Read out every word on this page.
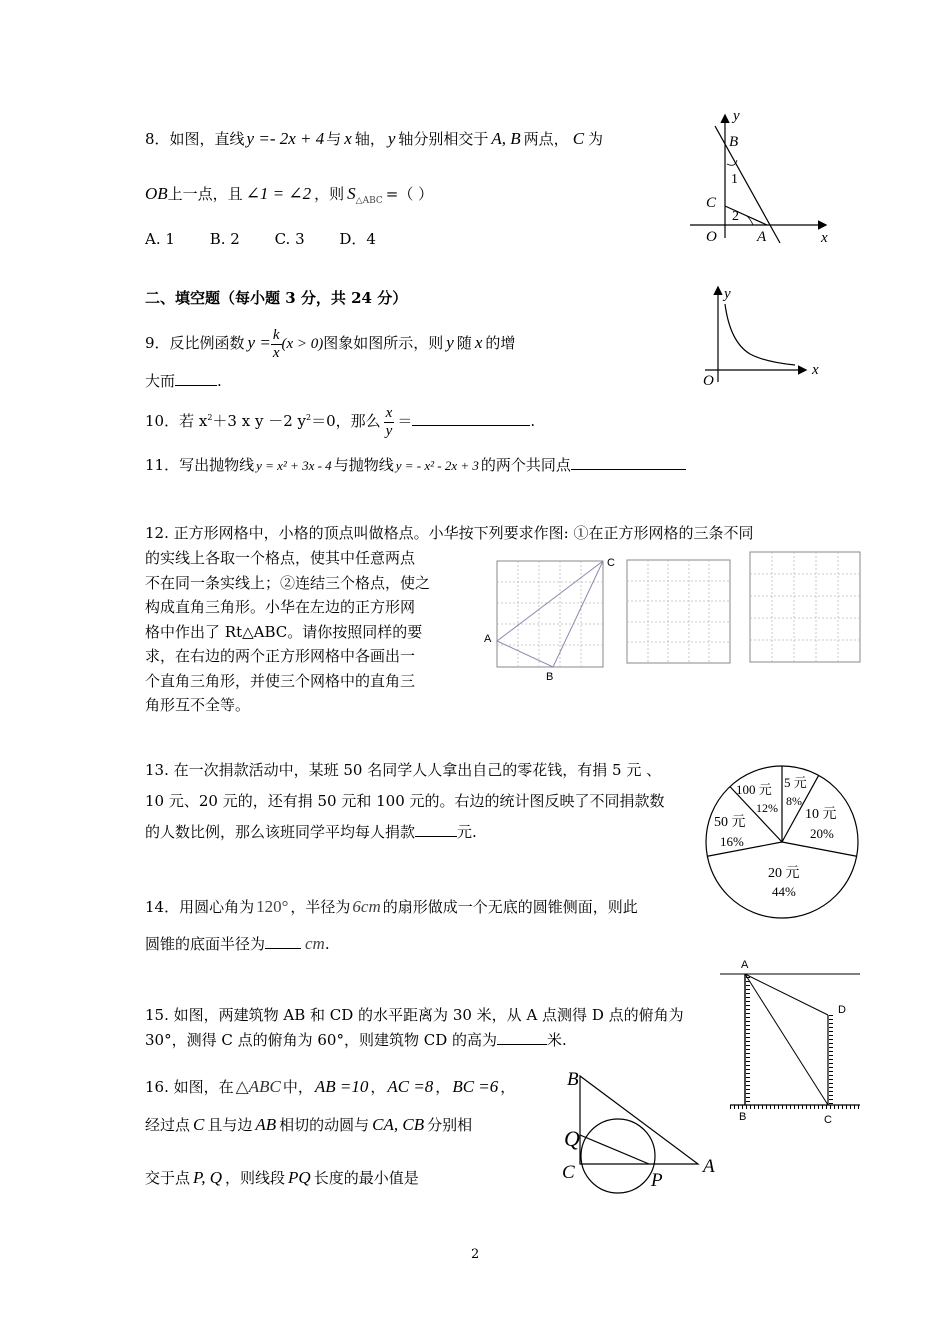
8．如图，直线 y =- 2x + 4 与 x 轴， y 轴分别相交于 A, B 两点， C 为
OB上一点，且 ∠1 = ∠2 ，则 $S_{\triangle ABC}$ =（ ）
A. 1 B. 2 C. 3 D．4
y
x
O	A
B
C
1
2
二、填空题（每小题 3 分，共 24 分）
9．反比例函数 $y = \frac{k}{x} (x > 0)$图象如图所示，则 y 随 x 的增
大而	.
y
x
O
10．若 $x^2+3$ x y －2 $y^2=0$，那么 $\frac{x}{y}$ ＝	.
11．写出抛物线 y = x² + 3x - 4 与抛物线 y = - x² - 2x + 3 的两个共同点
12. 正方形网格中，小格的顶点叫做格点。小华按下列要求作图: ①在正方形网格的三条不同
的实线上各取一个格点，使其中任意两点
不在同一条实线上；②连结三个格点，使之
构成直角三角形。小华在左边的正方形网
格中作出了 Rt△ABC。请你按照同样的要
求，在右边的两个正方形网格中各画出一
个直角三角形，并使三个网格中的直角三
角形互不全等。
A
B
C
13. 在一次捐款活动中，某班 50 名同学人人拿出自己的零花钱，有捐 5 元 、
10 元、20 元的，还有捐 50 元和 100 元的。右边的统计图反映了不同捐款数
的人数比例，那么该班同学平均每人捐款	元.
5 元
8%
10 元
20%
20 元
44%
50 元
16%
100 元
12%
14．用圆心角为 120° ，半径为 6cm 的扇形做成一个无底的圆锥侧面，则此
圆锥的底面半径为 cm.
15. 如图，两建筑物 AB 和 CD 的水平距离为 30 米，从 A 点测得 D 点的俯角为
30°，测得 C 点的俯角为 60°，则建筑物 CD 的高为	米.
A
D
B	C
16. 如图，在 △ABC 中， AB =10 ， AC =8 ， BC =6 ，
经过点 C 且与边 AB 相切的动圆与 CA, CB 分别相
交于点 P, Q ，则线段 PQ 长度的最小值是
B
Q
C	P
A
2
